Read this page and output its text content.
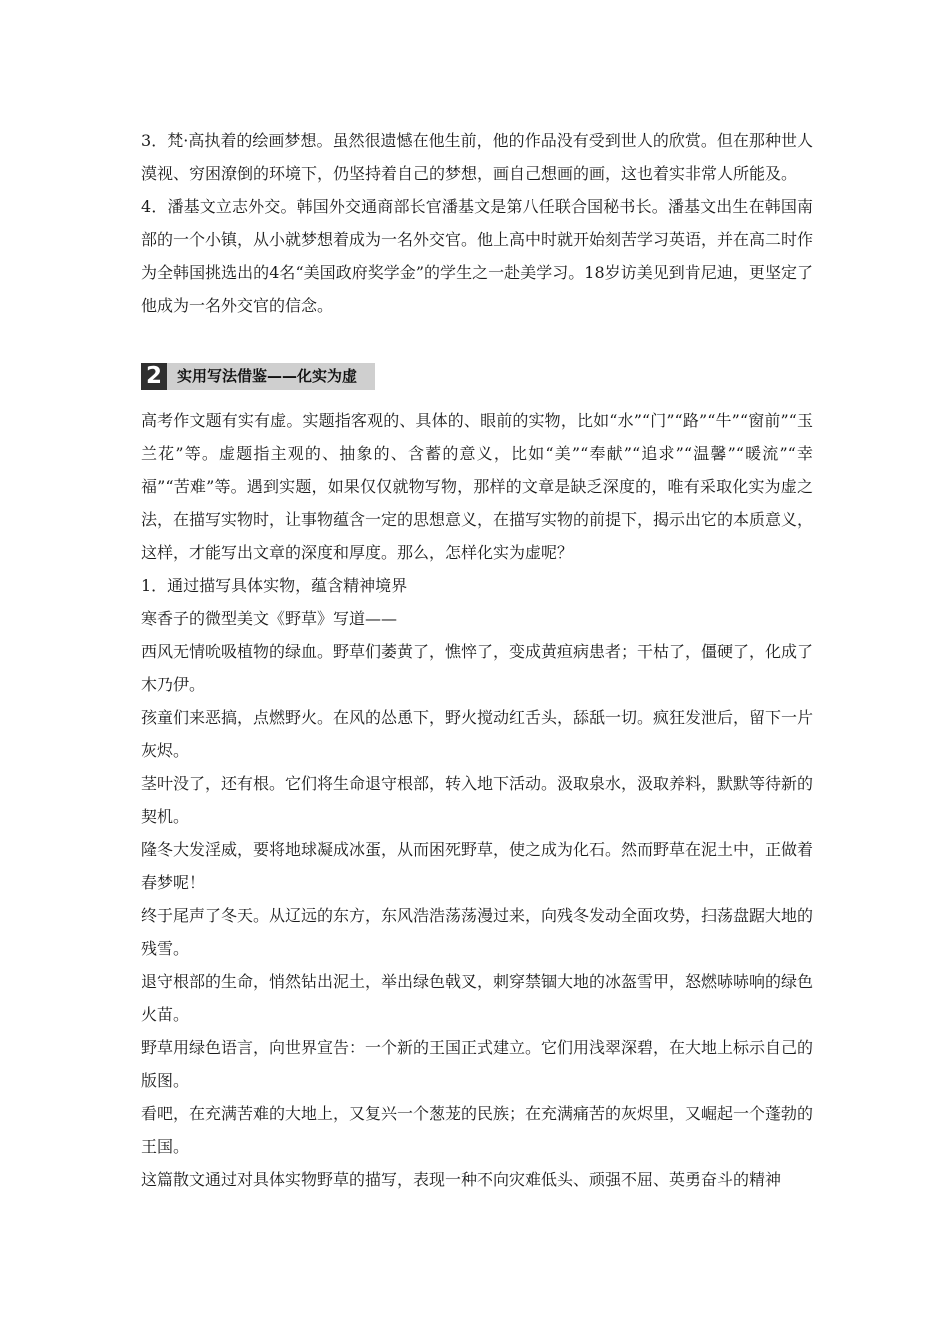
3．梵·高执着的绘画梦想。虽然很遗憾在他生前，他的作品没有受到世人的欣赏。但在那种世人漠视、穷困潦倒的环境下，仍坚持着自己的梦想，画自己想画的画，这也着实非常人所能及。

4．潘基文立志外交。韩国外交通商部长官潘基文是第八任联合国秘书长。潘基文出生在韩国南部的一个小镇，从小就梦想着成为一名外交官。他上高中时就开始刻苦学习英语，并在高二时作为全韩国挑选出的4名“美国政府奖学金”的学生之一赴美学习。18岁访美见到肯尼迪，更坚定了他成为一名外交官的信念。

2	实用写法借鉴——化实为虚

高考作文题有实有虚。实题指客观的、具体的、眼前的实物，比如“水”“门”“路”“牛”“窗前”“玉兰花”等。虚题指主观的、抽象的、含蓄的意义，比如“美”“奉献”“追求”“温馨”“暖流”“幸福”“苦难”等。遇到实题，如果仅仅就物写物，那样的文章是缺乏深度的，唯有采取化实为虚之法，在描写实物时，让事物蕴含一定的思想意义，在描写实物的前提下，揭示出它的本质意义，这样，才能写出文章的深度和厚度。那么，怎样化实为虚呢？

1．通过描写具体实物，蕴含精神境界

寒香子的微型美文《野草》写道——

西风无情吮吸植物的绿血。野草们萎黄了，憔悴了，变成黄疸病患者；干枯了，僵硬了，化成了木乃伊。

孩童们来恶搞，点燃野火。在风的怂恿下，野火搅动红舌头，舔舐一切。疯狂发泄后，留下一片灰烬。

茎叶没了，还有根。它们将生命退守根部，转入地下活动。汲取泉水，汲取养料，默默等待新的契机。

隆冬大发淫威，要将地球凝成冰蛋，从而困死野草，使之成为化石。然而野草在泥土中，正做着春梦呢！

终于尾声了冬天。从辽远的东方，东风浩浩荡荡漫过来，向残冬发动全面攻势，扫荡盘踞大地的残雪。

退守根部的生命，悄然钻出泥土，举出绿色戟叉，刺穿禁锢大地的冰盔雪甲，怒燃哧哧响的绿色火苗。

野草用绿色语言，向世界宣告：一个新的王国正式建立。它们用浅翠深碧，在大地上标示自己的版图。

看吧，在充满苦难的大地上，又复兴一个葱茏的民族；在充满痛苦的灰烬里，又崛起一个蓬勃的王国。

这篇散文通过对具体实物野草的描写，表现一种不向灾难低头、顽强不屈、英勇奋斗的精神
